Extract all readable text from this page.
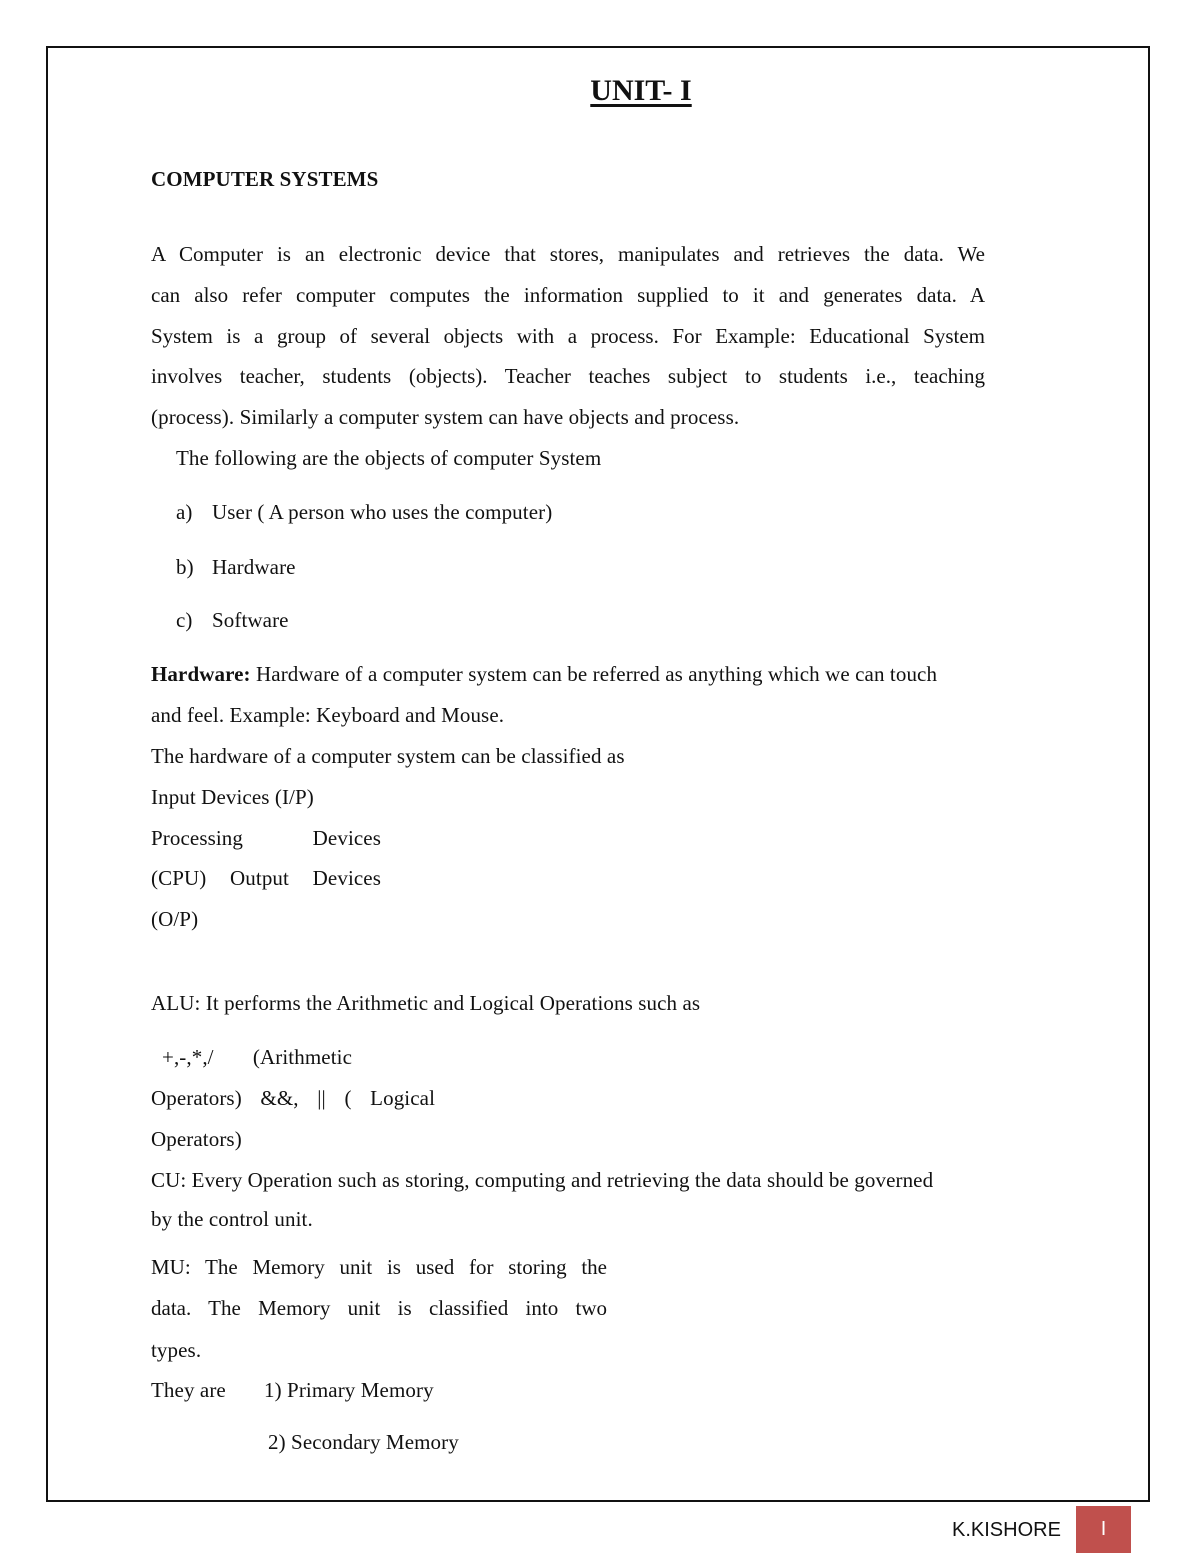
UNIT- I
COMPUTER SYSTEMS
A Computer is an electronic device that stores, manipulates and retrieves the data. We
can also refer computer computes the information supplied to it and generates data. A
System is a group of several objects with a process. For Example: Educational System
involves teacher, students (objects). Teacher teaches subject to students i.e., teaching
(process). Similarly a computer system can have objects and process.
The following are the objects of computer System
a) User ( A person who uses the computer)
b) Hardware
c) Software
Hardware: Hardware of a computer system can be referred as anything which we can touch
and feel. Example: Keyboard and Mouse.
The hardware of a computer system can be classified as
Input Devices (I/P)
Processing Devices
(CPU) Output Devices
(O/P)
ALU: It performs the Arithmetic and Logical Operations such as
+,-,*,/ (Arithmetic
Operators) &&, || ( Logical
Operators)
CU: Every Operation such as storing, computing and retrieving the data should be governed
by the control unit.
MU: The Memory unit is used for storing the
data. The Memory unit is classified into two
types.
They are 1) Primary Memory
2) Secondary Memory
K.KISHORE	I
